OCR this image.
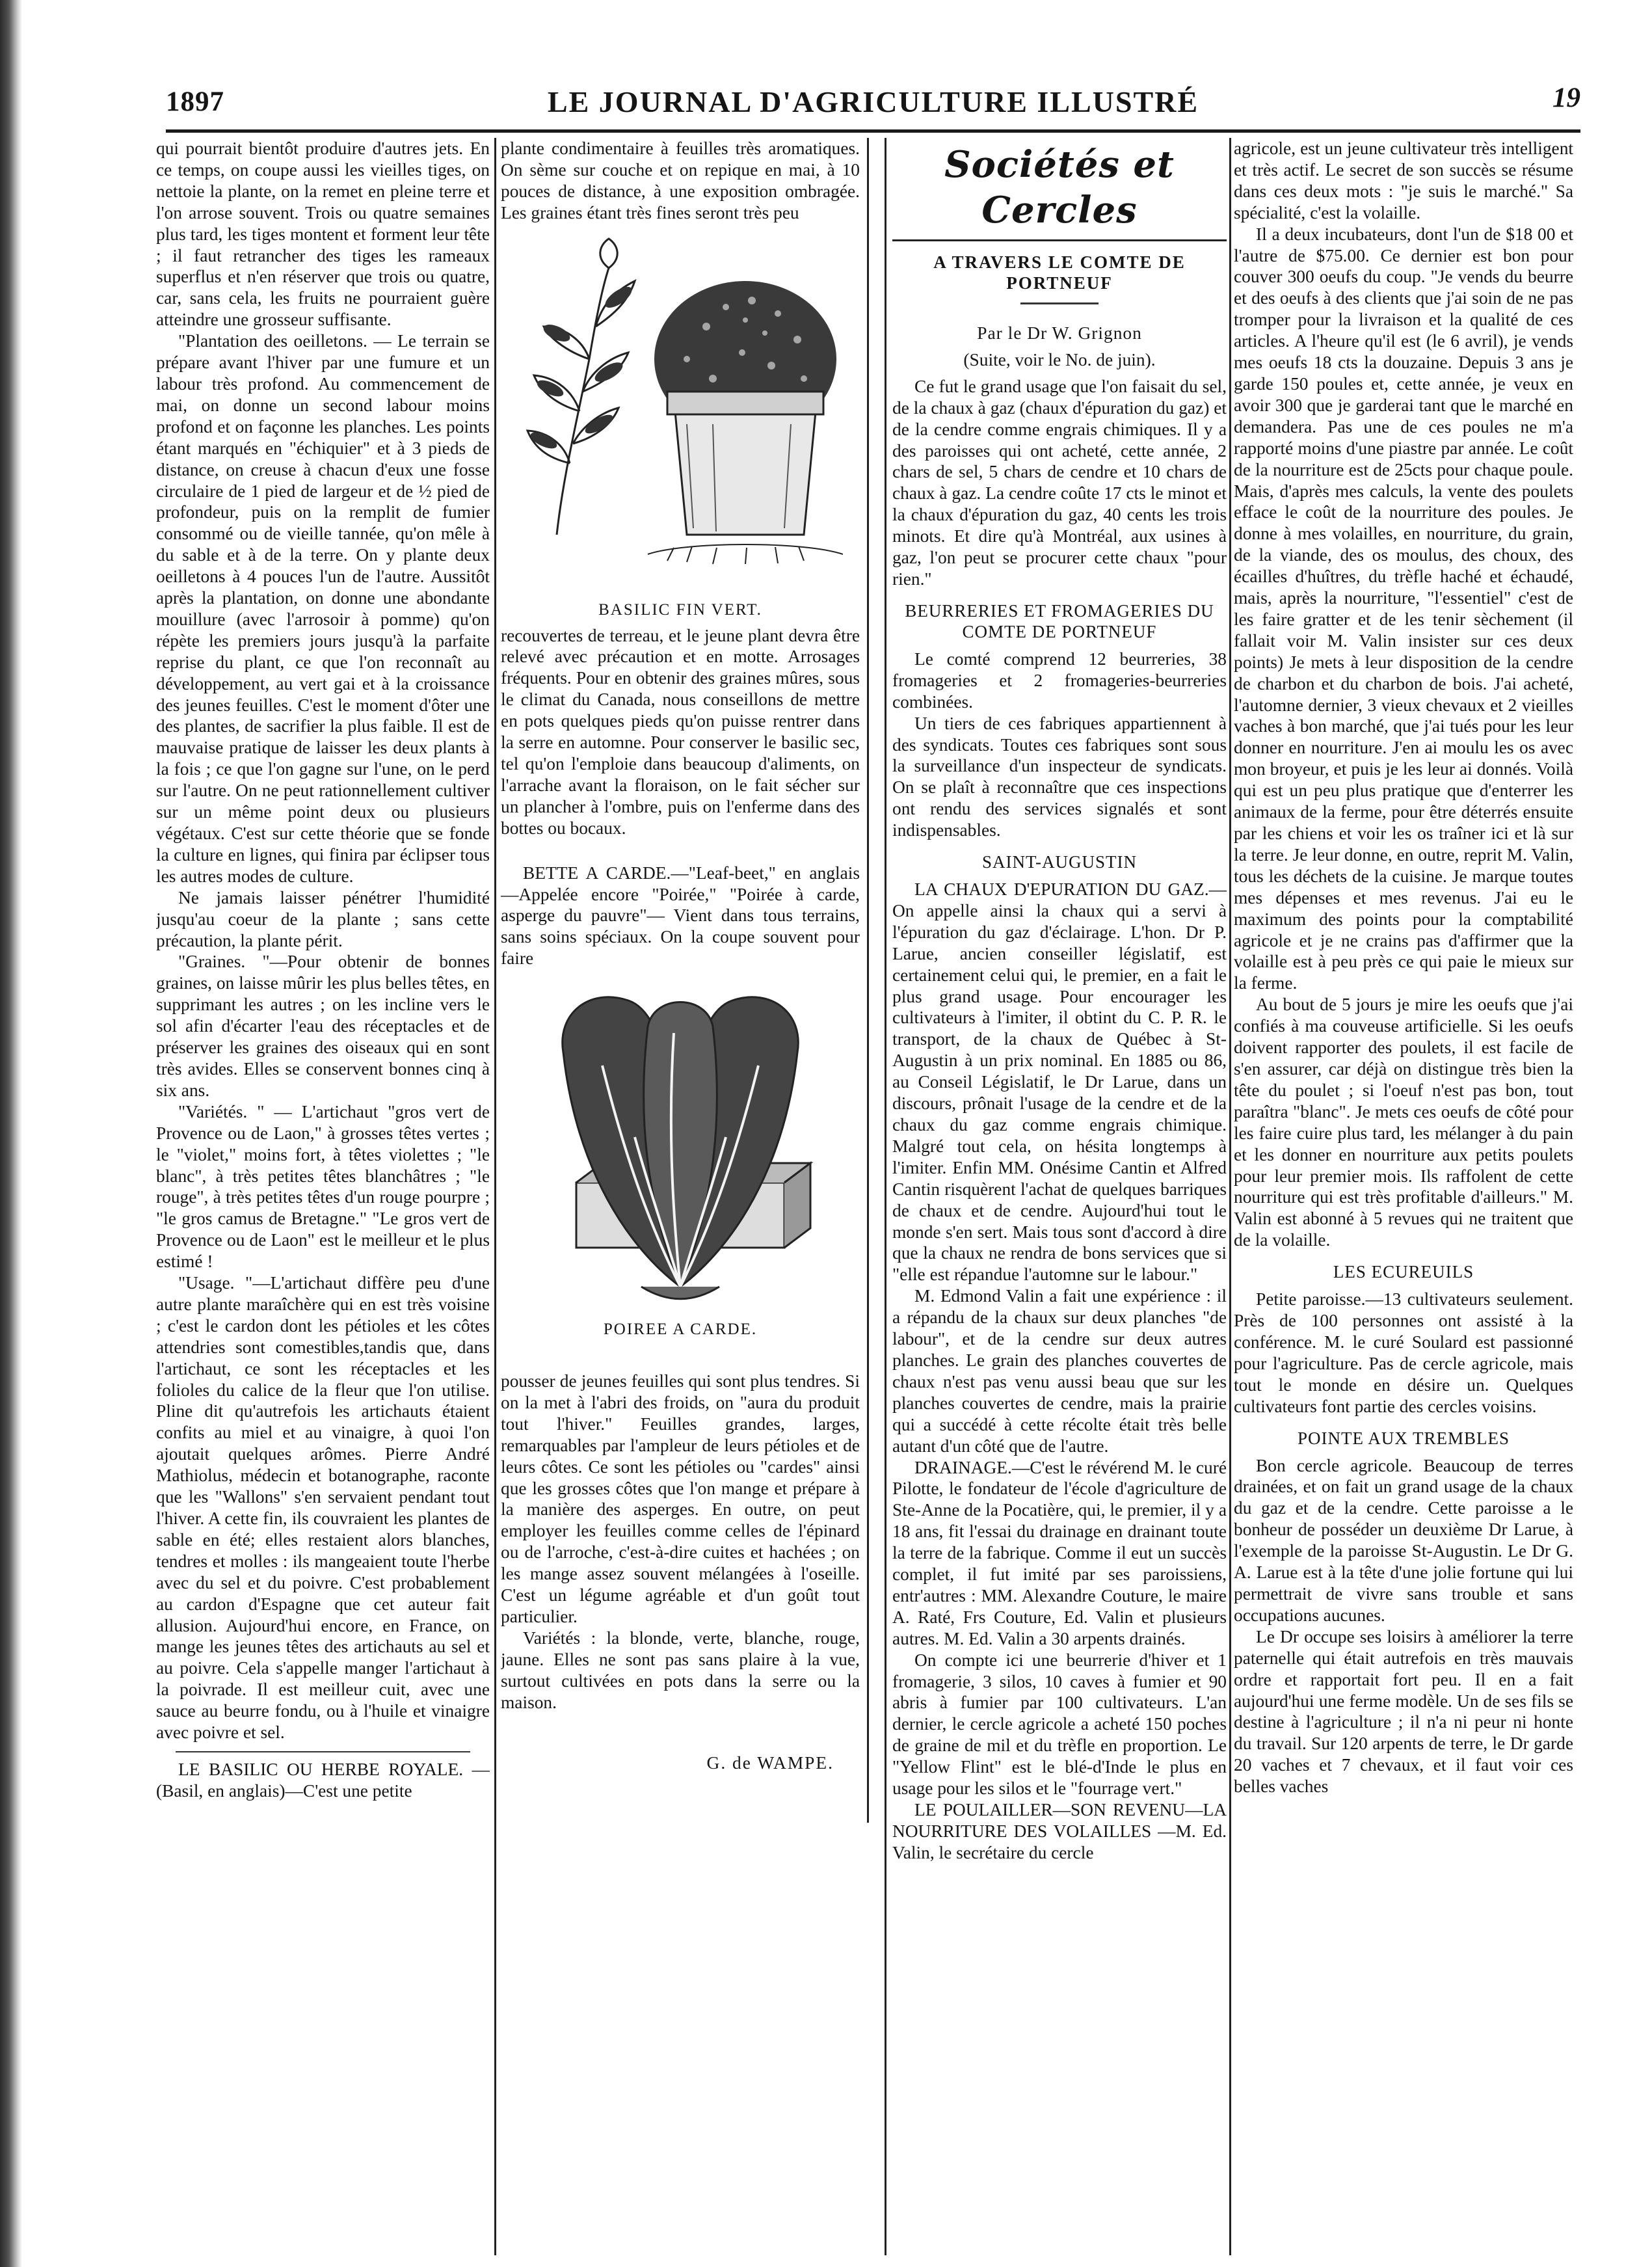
1897	LE JOURNAL D'AGRICULTURE ILLUSTRÉ	19

qui pourrait bientôt produire d'autres jets. En ce temps, on coupe aussi les vieilles tiges, on nettoie la plante, on la remet en pleine terre et l'on arrose souvent. Trois ou quatre semaines plus tard, les tiges montent et forment leur tête ; il faut retrancher des tiges les rameaux superflus et n'en réserver que trois ou quatre, car, sans cela, les fruits ne pourraient guère atteindre une grosseur suffisante.

"Plantation des oeilletons. — Le terrain se prépare avant l'hiver par une fumure et un labour très profond. Au commencement de mai, on donne un second labour moins profond et on façonne les planches. Les points étant marqués en "échiquier" et à 3 pieds de distance, on creuse à chacun d'eux une fosse circulaire de 1 pied de largeur et de ½ pied de profondeur, puis on la remplit de fumier consommé ou de vieille tannée, qu'on mêle à du sable et à de la terre. On y plante deux oeilletons à 4 pouces l'un de l'autre. Aussitôt après la plantation, on donne une abondante mouillure (avec l'arrosoir à pomme) qu'on répète les premiers jours jusqu'à la parfaite reprise du plant, ce que l'on reconnaît au développement, au vert gai et à la croissance des jeunes feuilles. C'est le moment d'ôter une des plantes, de sacrifier la plus faible. Il est de mauvaise pratique de laisser les deux plants à la fois ; ce que l'on gagne sur l'une, on le perd sur l'autre. On ne peut rationnellement cultiver sur un même point deux ou plusieurs végétaux. C'est sur cette théorie que se fonde la culture en lignes, qui finira par éclipser tous les autres modes de culture.

Ne jamais laisser pénétrer l'humidité jusqu'au coeur de la plante ; sans cette précaution, la plante périt.

"Graines. "—Pour obtenir de bonnes graines, on laisse mûrir les plus belles têtes, en supprimant les autres ; on les incline vers le sol afin d'écarter l'eau des réceptacles et de préserver les graines des oiseaux qui en sont très avides. Elles se conservent bonnes cinq à six ans.

"Variétés. " — L'artichaut "gros vert de Provence ou de Laon," à grosses têtes vertes ; le "violet," moins fort, à têtes violettes ; "le blanc", à très petites têtes blanchâtres ; "le rouge", à très petites têtes d'un rouge pourpre ; "le gros camus de Bretagne." "Le gros vert de Provence ou de Laon" est le meilleur et le plus estimé !

"Usage. "—L'artichaut diffère peu d'une autre plante maraîchère qui en est très voisine ; c'est le cardon dont les pétioles et les côtes attendries sont comestibles,tandis que, dans l'artichaut, ce sont les réceptacles et les folioles du calice de la fleur que l'on utilise. Pline dit qu'autrefois les artichauts étaient confits au miel et au vinaigre, à quoi l'on ajoutait quelques arômes. Pierre André Mathiolus, médecin et botanographe, raconte que les "Wallons" s'en servaient pendant tout l'hiver. A cette fin, ils couvraient les plantes de sable en été; elles restaient alors blanches, tendres et molles : ils mangeaient toute l'herbe avec du sel et du poivre. C'est probablement au cardon d'Espagne que cet auteur fait allusion. Aujourd'hui encore, en France, on mange les jeunes têtes des artichauts au sel et au poivre. Cela s'appelle manger l'artichaut à la poivrade. Il est meilleur cuit, avec une sauce au beurre fondu, ou à l'huile et vinaigre avec poivre et sel.

LE BASILIC OU HERBE ROYALE. —(Basil, en anglais)—C'est une petite

plante condimentaire à feuilles très aromatiques. On sème sur couche et on repique en mai, à 10 pouces de distance, à une exposition ombragée. Les graines étant très fines seront très peu

BASILIC FIN VERT.

recouvertes de terreau, et le jeune plant devra être relevé avec précaution et en motte. Arrosages fréquents. Pour en obtenir des graines mûres, sous le climat du Canada, nous conseillons de mettre en pots quelques pieds qu'on puisse rentrer dans la serre en automne. Pour conserver le basilic sec, tel qu'on l'emploie dans beaucoup d'aliments, on l'arrache avant la floraison, on le fait sécher sur un plancher à l'ombre, puis on l'enferme dans des bottes ou bocaux.

BETTE A CARDE.—"Leaf-beet," en anglais—Appelée encore "Poirée," "Poirée à carde, asperge du pauvre"— Vient dans tous terrains, sans soins spéciaux. On la coupe souvent pour faire

POIREE A CARDE.

pousser de jeunes feuilles qui sont plus tendres. Si on la met à l'abri des froids, on "aura du produit tout l'hiver." Feuilles grandes, larges, remarquables par l'ampleur de leurs pétioles et de leurs côtes. Ce sont les pétioles ou "cardes" ainsi que les grosses côtes que l'on mange et prépare à la manière des asperges. En outre, on peut employer les feuilles comme celles de l'épinard ou de l'arroche, c'est-à-dire cuites et hachées ; on les mange assez souvent mélangées à l'oseille. C'est un légume agréable et d'un goût tout particulier.

Variétés : la blonde, verte, blanche, rouge, jaune. Elles ne sont pas sans plaire à la vue, surtout cultivées en pots dans la serre ou la maison.

G. de WAMPE.
Sociétés et Cercles
A TRAVERS LE COMTE DE PORTNEUF

Par le Dr W. Grignon

(Suite, voir le No. de juin).

Ce fut le grand usage que l'on faisait du sel, de la chaux à gaz (chaux d'épuration du gaz) et de la cendre comme engrais chimiques. Il y a des paroisses qui ont acheté, cette année, 2 chars de sel, 5 chars de cendre et 10 chars de chaux à gaz. La cendre coûte 17 cts le minot et la chaux d'épuration du gaz, 40 cents les trois minots. Et dire qu'à Montréal, aux usines à gaz, l'on peut se procurer cette chaux "pour rien."

BEURRERIES ET FROMAGERIES DU COMTE DE PORTNEUF

Le comté comprend 12 beurreries, 38 fromageries et 2 fromageries-beurreries combinées.

Un tiers de ces fabriques appartiennent à des syndicats. Toutes ces fabriques sont sous la surveillance d'un inspecteur de syndicats. On se plaît à reconnaître que ces inspections ont rendu des services signalés et sont indispensables.

SAINT-AUGUSTIN

LA CHAUX D'EPURATION DU GAZ.—On appelle ainsi la chaux qui a servi à l'épuration du gaz d'éclairage. L'hon. Dr P. Larue, ancien conseiller législatif, est certainement celui qui, le premier, en a fait le plus grand usage. Pour encourager les cultivateurs à l'imiter, il obtint du C. P. R. le transport, de la chaux de Québec à St-Augustin à un prix nominal. En 1885 ou 86, au Conseil Législatif, le Dr Larue, dans un discours, prônait l'usage de la cendre et de la chaux du gaz comme engrais chimique. Malgré tout cela, on hésita longtemps à l'imiter. Enfin MM. Onésime Cantin et Alfred Cantin risquèrent l'achat de quelques barriques de chaux et de cendre. Aujourd'hui tout le monde s'en sert. Mais tous sont d'accord à dire que la chaux ne rendra de bons services que si "elle est répandue l'automne sur le labour."

M. Edmond Valin a fait une expérience : il a répandu de la chaux sur deux planches "de labour", et de la cendre sur deux autres planches. Le grain des planches couvertes de chaux n'est pas venu aussi beau que sur les planches couvertes de cendre, mais la prairie qui a succédé à cette récolte était très belle autant d'un côté que de l'autre.

DRAINAGE.—C'est le révérend M. le curé Pilotte, le fondateur de l'école d'agriculture de Ste-Anne de la Pocatière, qui, le premier, il y a 18 ans, fit l'essai du drainage en drainant toute la terre de la fabrique. Comme il eut un succès complet, il fut imité par ses paroissiens, entr'autres : MM. Alexandre Couture, le maire A. Raté, Frs Couture, Ed. Valin et plusieurs autres. M. Ed. Valin a 30 arpents drainés.

On compte ici une beurrerie d'hiver et 1 fromagerie, 3 silos, 10 caves à fumier et 90 abris à fumier par 100 cultivateurs. L'an dernier, le cercle agricole a acheté 150 poches de graine de mil et du trèfle en proportion. Le "Yellow Flint" est le blé-d'Inde le plus en usage pour les silos et le "fourrage vert."

LE POULAILLER—SON REVENU—LA NOURRITURE DES VOLAILLES —M. Ed. Valin, le secrétaire du cercle

agricole, est un jeune cultivateur très intelligent et très actif. Le secret de son succès se résume dans ces deux mots : "je suis le marché." Sa spécialité, c'est la volaille.

Il a deux incubateurs, dont l'un de $18 00 et l'autre de $75.00. Ce dernier est bon pour couver 300 oeufs du coup. "Je vends du beurre et des oeufs à des clients que j'ai soin de ne pas tromper pour la livraison et la qualité de ces articles. A l'heure qu'il est (le 6 avril), je vends mes oeufs 18 cts la douzaine. Depuis 3 ans je garde 150 poules et, cette année, je veux en avoir 300 que je garderai tant que le marché en demandera. Pas une de ces poules ne m'a rapporté moins d'une piastre par année. Le coût de la nourriture est de 25cts pour chaque poule. Mais, d'après mes calculs, la vente des poulets efface le coût de la nourriture des poules. Je donne à mes volailles, en nourriture, du grain, de la viande, des os moulus, des choux, des écailles d'huîtres, du trèfle haché et échaudé, mais, après la nourriture, "l'essentiel" c'est de les faire gratter et de les tenir sèchement (il fallait voir M. Valin insister sur ces deux points) Je mets à leur disposition de la cendre de charbon et du charbon de bois. J'ai acheté, l'automne dernier, 3 vieux chevaux et 2 vieilles vaches à bon marché, que j'ai tués pour les leur donner en nourriture. J'en ai moulu les os avec mon broyeur, et puis je les leur ai donnés. Voilà qui est un peu plus pratique que d'enterrer les animaux de la ferme, pour être déterrés ensuite par les chiens et voir les os traîner ici et là sur la terre. Je leur donne, en outre, reprit M. Valin, tous les déchets de la cuisine. Je marque toutes mes dépenses et mes revenus. J'ai eu le maximum des points pour la comptabilité agricole et je ne crains pas d'affirmer que la volaille est à peu près ce qui paie le mieux sur la ferme.

Au bout de 5 jours je mire les oeufs que j'ai confiés à ma couveuse artificielle. Si les oeufs doivent rapporter des poulets, il est facile de s'en assurer, car déjà on distingue très bien la tête du poulet ; si l'oeuf n'est pas bon, tout paraîtra "blanc". Je mets ces oeufs de côté pour les faire cuire plus tard, les mélanger à du pain et les donner en nourriture aux petits poulets pour leur premier mois. Ils raffolent de cette nourriture qui est très profitable d'ailleurs." M. Valin est abonné à 5 revues qui ne traitent que de la volaille.

LES ECUREUILS

Petite paroisse.—13 cultivateurs seulement. Près de 100 personnes ont assisté à la conférence. M. le curé Soulard est passionné pour l'agriculture. Pas de cercle agricole, mais tout le monde en désire un. Quelques cultivateurs font partie des cercles voisins.

POINTE AUX TREMBLES

Bon cercle agricole. Beaucoup de terres drainées, et on fait un grand usage de la chaux du gaz et de la cendre. Cette paroisse a le bonheur de posséder un deuxième Dr Larue, à l'exemple de la paroisse St-Augustin. Le Dr G. A. Larue est à la tête d'une jolie fortune qui lui permettrait de vivre sans trouble et sans occupations aucunes.

Le Dr occupe ses loisirs à améliorer la terre paternelle qui était autrefois en très mauvais ordre et rapportait fort peu. Il en a fait aujourd'hui une ferme modèle. Un de ses fils se destine à l'agriculture ; il n'a ni peur ni honte du travail. Sur 120 arpents de terre, le Dr garde 20 vaches et 7 chevaux, et il faut voir ces belles vaches
